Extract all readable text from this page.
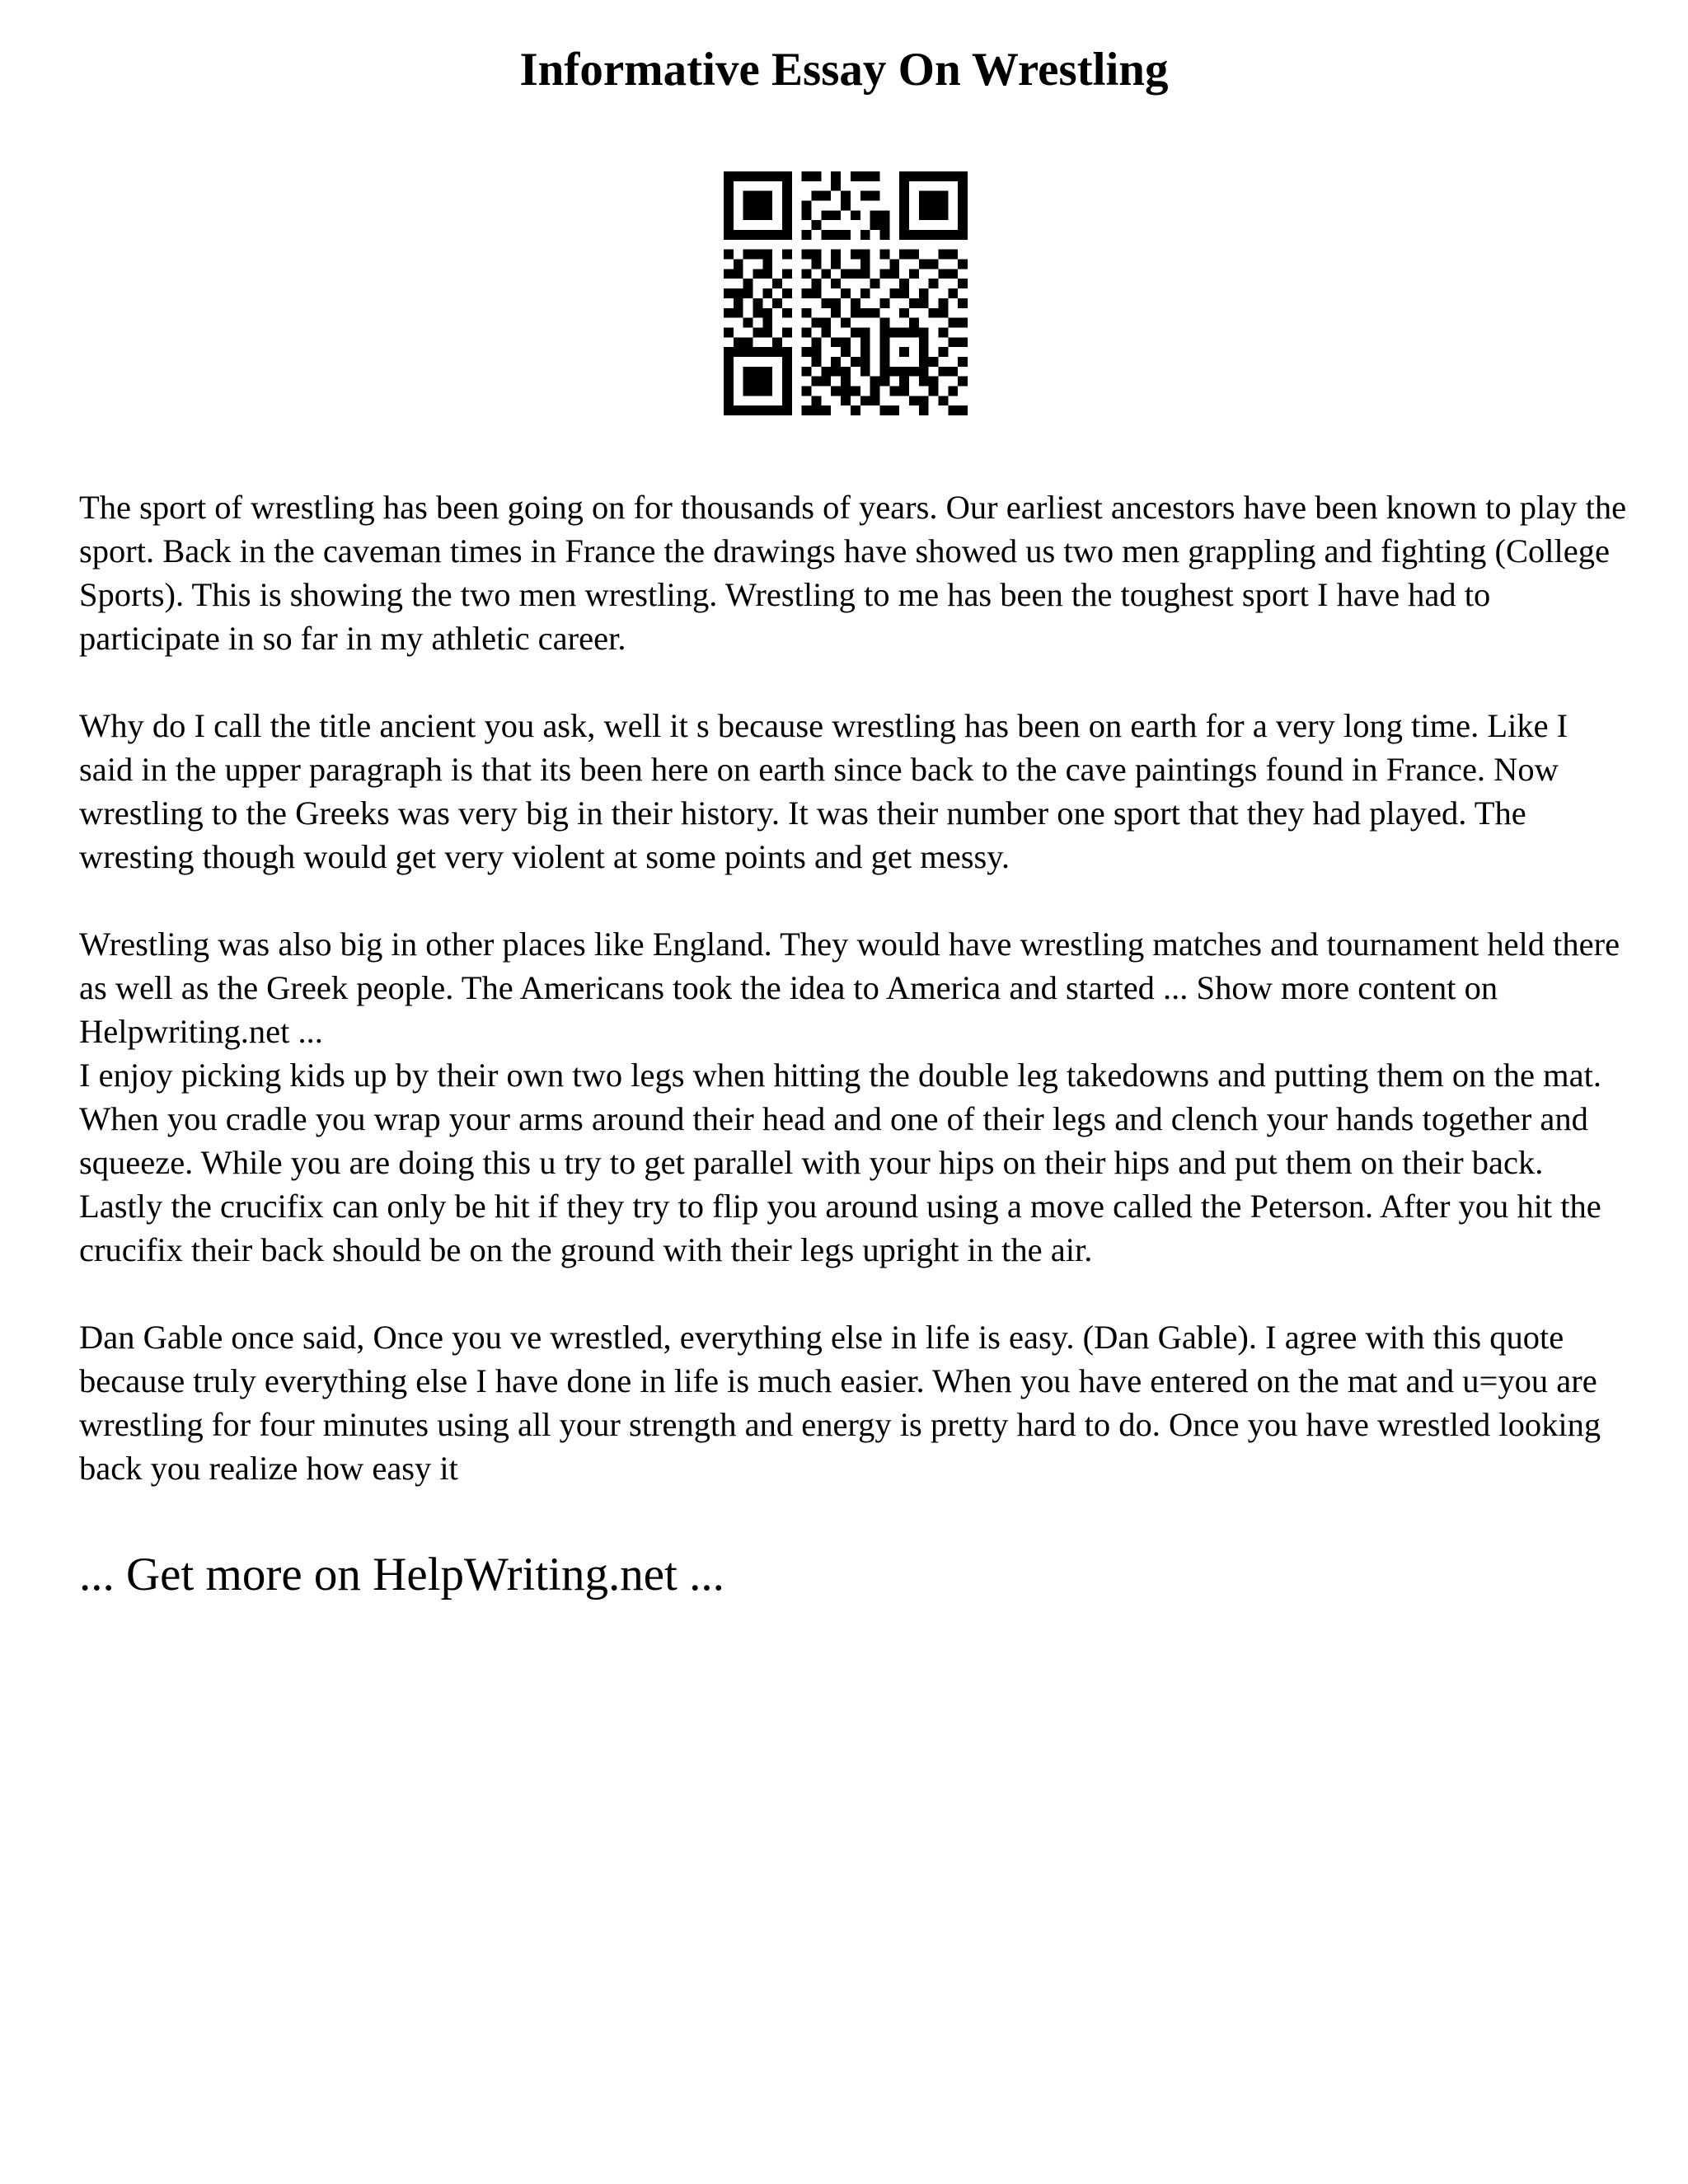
Informative Essay On Wrestling

The sport of wrestling has been going on for thousands of years. Our earliest ancestors have been known to play the sport. Back in the caveman times in France the drawings have showed us two men grappling and fighting (College Sports). This is showing the two men wrestling. Wrestling to me has been the toughest sport I have had to participate in so far in my athletic career.

Why do I call the title ancient you ask, well it s because wrestling has been on earth for a very long time. Like I said in the upper paragraph is that its been here on earth since back to the cave paintings found in France. Now wrestling to the Greeks was very big in their history. It was their number one sport that they had played. The wresting though would get very violent at some points and get messy.

Wrestling was also big in other places like England. They would have wrestling matches and tournament held there as well as the Greek people. The Americans took the idea to America and started ... Show more content on Helpwriting.net ...

I enjoy picking kids up by their own two legs when hitting the double leg takedowns and putting them on the mat. When you cradle you wrap your arms around their head and one of their legs and clench your hands together and squeeze. While you are doing this u try to get parallel with your hips on their hips and put them on their back. Lastly the crucifix can only be hit if they try to flip you around using a move called the Peterson. After you hit the crucifix their back should be on the ground with their legs upright in the air.

Dan Gable once said, Once you ve wrestled, everything else in life is easy. (Dan Gable). I agree with this quote because truly everything else I have done in life is much easier. When you have entered on the mat and u=you are wrestling for four minutes using all your strength and energy is pretty hard to do. Once you have wrestled looking back you realize how easy it

... Get more on HelpWriting.net ...
